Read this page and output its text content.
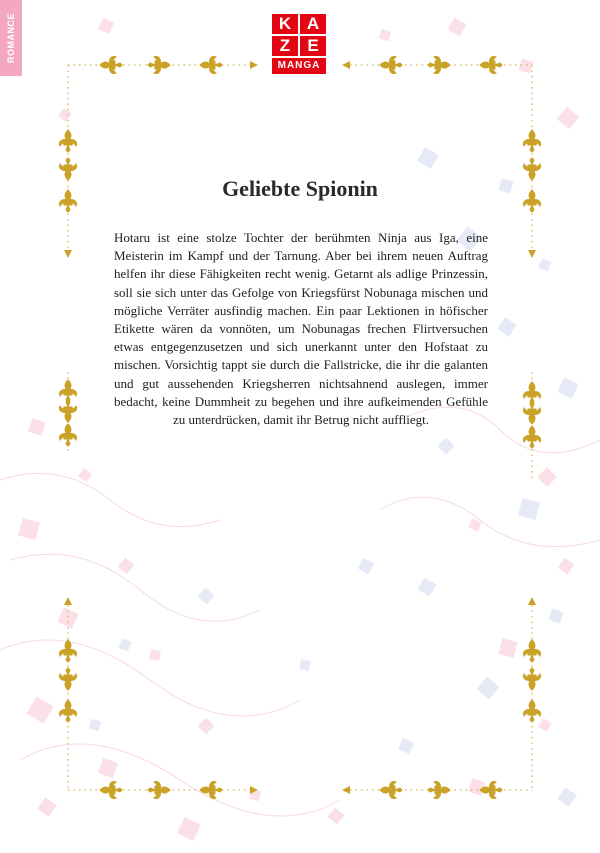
ROMANCE	K A
Z	E
MANGA
Geliebte Spionin

Hotaru ist eine stolze Tochter der berühmten Ninja aus Iga, eine Meisterin im Kampf und der Tarnung. Aber bei ihrem neuen Auftrag helfen ihr diese Fähigkeiten recht wenig. Getarnt als adlige Prinzessin, soll sie sich unter das Gefolge von Kriegsfürst Nobunaga mischen und mögliche Verräter ausfindig machen. Ein paar Lektionen in höfischer Etikette wären da vonnöten, um Nobunagas frechen Flirtversuchen etwas entgegenzusetzen und sich unerkannt unter den Hofstaat zu mischen. Vorsichtig tappt sie durch die Fallstricke, die ihr die galanten und gut aussehenden Kriegsherren nichtsahnend auslegen, immer bedacht, keine Dummheit zu begehen und ihre aufkeimenden Gefühle zu unterdrücken, damit ihr Betrug nicht auffliegt.
